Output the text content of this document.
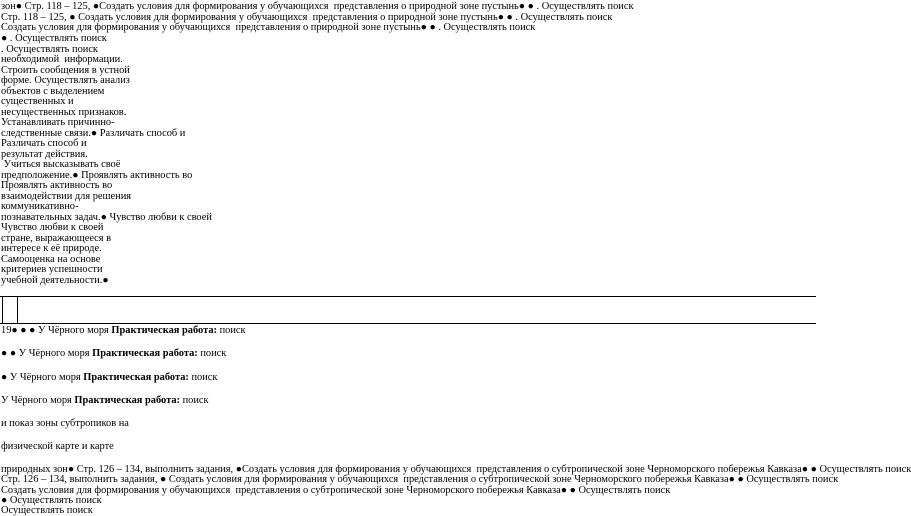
зон● Стр. 118 – 125, ●Создать условия для формирования у обучающихся  представления о природной зоне пустынь● ● . Осуществлять поиск
Стр. 118 – 125, ● Создать условия для формирования у обучающихся  представления о природной зоне пустынь● ● . Осуществлять поиск
Создать условия для формирования у обучающихся  представления о природной зоне пустынь● ● . Осуществлять поиск
● . Осуществлять поиск
. Осуществлять поиск
необходимой  информации.
Строить сообщения в устной
форме. Осуществлять анализ
объектов с выделением
существенных и
несущественных признаков.
Устанавливать причинно-
следственные связи.● Различать способ и
Различать способ и
результат действия.
Учиться высказывать своё
предположение.● Проявлять активность во
Проявлять активность во
взаимодействии для решения
коммуникативно-
познавательных задач.● Чувство любви к своей
Чувство любви к своей
стране, выражающееся в
интересе к её природе.
Самооценка на основе
критериев успешности
учебной деятельности.●
19● ● ● У Чёрного моря Практическая работа: поиск
● ● У Чёрного моря Практическая работа: поиск
● У Чёрного моря Практическая работа: поиск
У Чёрного моря Практическая работа: поиск
и показ зоны субтропиков на
физической карте и карте
природных зон● Стр. 126 – 134, выполнить задания, ●Создать условия для формирования у обучающихся  представления о субтропической зоне Черноморского побережья Кавказа● ● Осуществлять поиск
Стр. 126 – 134, выполнить задания, ● Создать условия для формирования у обучающихся  представления о субтропической зоне Черноморского побережья Кавказа● ● Осуществлять поиск
Создать условия для формирования у обучающихся  представления о субтропической зоне Черноморского побережья Кавказа● ● Осуществлять поиск
● Осуществлять поиск
Осуществлять поиск
